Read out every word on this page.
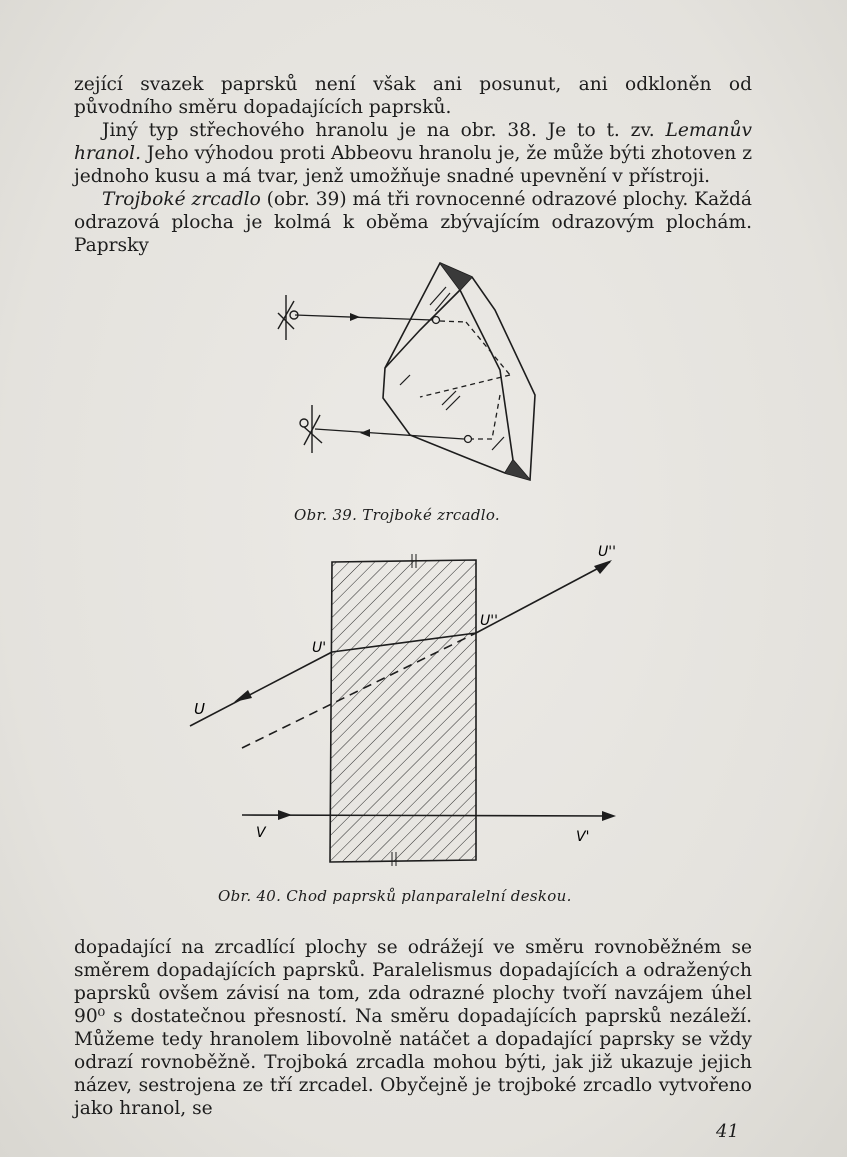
zející svazek paprsků není však ani posunut, ani odkloněn od původního směru dopadajících paprsků.

Jiný typ střechového hranolu je na obr. 38. Je to t. zv. Lemanův hranol. Jeho výhodou proti Abbeovu hranolu je, že může býti zhotoven z jednoho kusu a má tvar, jenž umožňuje snadné upevnění v přístroji.

Trojboké zrcadlo (obr. 39) má tři rovnocenné odrazové plochy. Každá odrazová plocha je kolmá k oběma zbývajícím odrazovým plochám. Paprsky

Obr. 39. Trojboké zrcadlo.
U
U'
U''
U''
V	V'
Obr. 40. Chod paprsků planparalelní deskou.

dopadající na zrcadlící plochy se odrážejí ve směru rovnoběžném se směrem dopadajících paprsků. Paralelismus dopadajících a odražených paprsků ovšem závisí na tom, zda odrazné plochy tvoří navzájem úhel 90⁰ s dostatečnou přesností. Na směru dopadajících paprsků nezáleží. Můžeme tedy hranolem libovolně natáčet a dopadající paprsky se vždy odrazí rovnoběžně. Trojboká zrcadla mohou býti, jak již ukazuje jejich název, sestrojena ze tří zrcadel. Obyčejně je trojboké zrcadlo vytvořeno jako hranol, se

41
